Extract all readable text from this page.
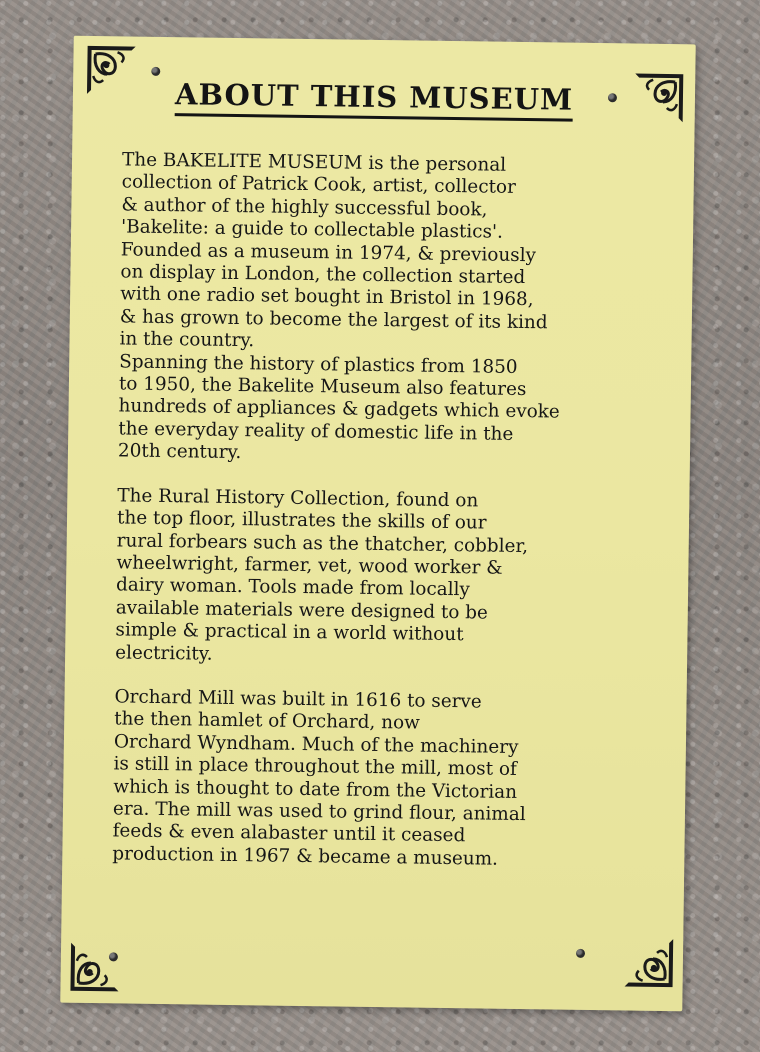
ABOUT THIS MUSEUM

The BAKELITE MUSEUM is the personal
collection of Patrick Cook, artist, collector
& author of the highly successful book,
'Bakelite: a guide to collectable plastics'.
Founded as a museum in 1974, & previously
on display in London, the collection started
with one radio set bought in Bristol in 1968,
& has grown to become the largest of its kind
in the country.

Spanning the history of plastics from 1850
to 1950, the Bakelite Museum also features
hundreds of appliances & gadgets which evoke
the everyday reality of domestic life in the
20th century.

The Rural History Collection, found on
the top floor, illustrates the skills of our
rural forbears such as the thatcher, cobbler,
wheelwright, farmer, vet, wood worker &
dairy woman. Tools made from locally
available materials were designed to be
simple & practical in a world without
electricity.

Orchard Mill was built in 1616 to serve
the then hamlet of Orchard, now
Orchard Wyndham. Much of the machinery
is still in place throughout the mill, most of
which is thought to date from the Victorian
era. The mill was used to grind flour, animal
feeds & even alabaster until it ceased
production in 1967 & became a museum.
